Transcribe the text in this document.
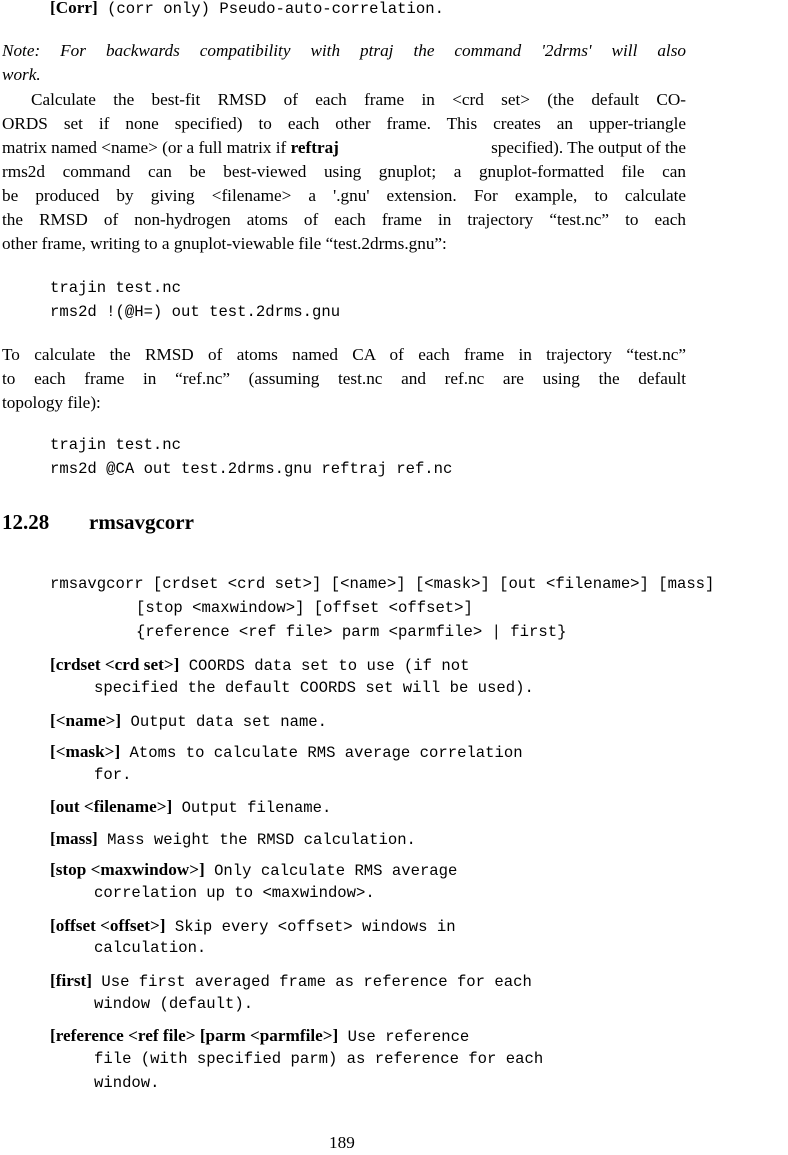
[Corr] (corr only) Pseudo-auto-correlation.
Note: For backwards compatibility with ptraj the command '2drms' will also
work.
Calculate the best-fit RMSD of each frame in <crd set> (the default CO-
ORDS set if none specified) to each other frame. This creates an upper-triangle
matrix named <name> (or a full matrix if reftraj	specified). The output of the
rms2d command can be best-viewed using gnuplot; a gnuplot-formatted file can
be produced by giving <filename> a '.gnu' extension. For example, to calculate
the RMSD of non-hydrogen atoms of each frame in trajectory “test.nc” to each
other frame, writing to a gnuplot-viewable file “test.2drms.gnu”:
trajin test.nc
rms2d !(@H=) out test.2drms.gnu
To calculate the RMSD of atoms named CA of each frame in trajectory “test.nc”
to each frame in “ref.nc” (assuming test.nc and ref.nc are using the default
topology file):
trajin test.nc
rms2d @CA out test.2drms.gnu reftraj ref.nc
12.28 rmsavgcorr
rmsavgcorr [crdset <crd set>] [<name>] [<mask>] [out <filename>] [mass]
[stop <maxwindow>] [offset <offset>]
{reference <ref file> parm <parmfile> | first}
[crdset <crd set>] COORDS data set to use (if not
specified the default COORDS set will be used).
[<name>] Output data set name.
[<mask>] Atoms to calculate RMS average correlation
for.
[out <filename>] Output filename.
[mass] Mass weight the RMSD calculation.
[stop <maxwindow>] Only calculate RMS average
correlation up to <maxwindow>.
[offset <offset>] Skip every <offset> windows in
calculation.
[first] Use first averaged frame as reference for each
window (default).
[reference <ref file> [parm <parmfile>] Use reference
file (with specified parm) as reference for each
window.
189
